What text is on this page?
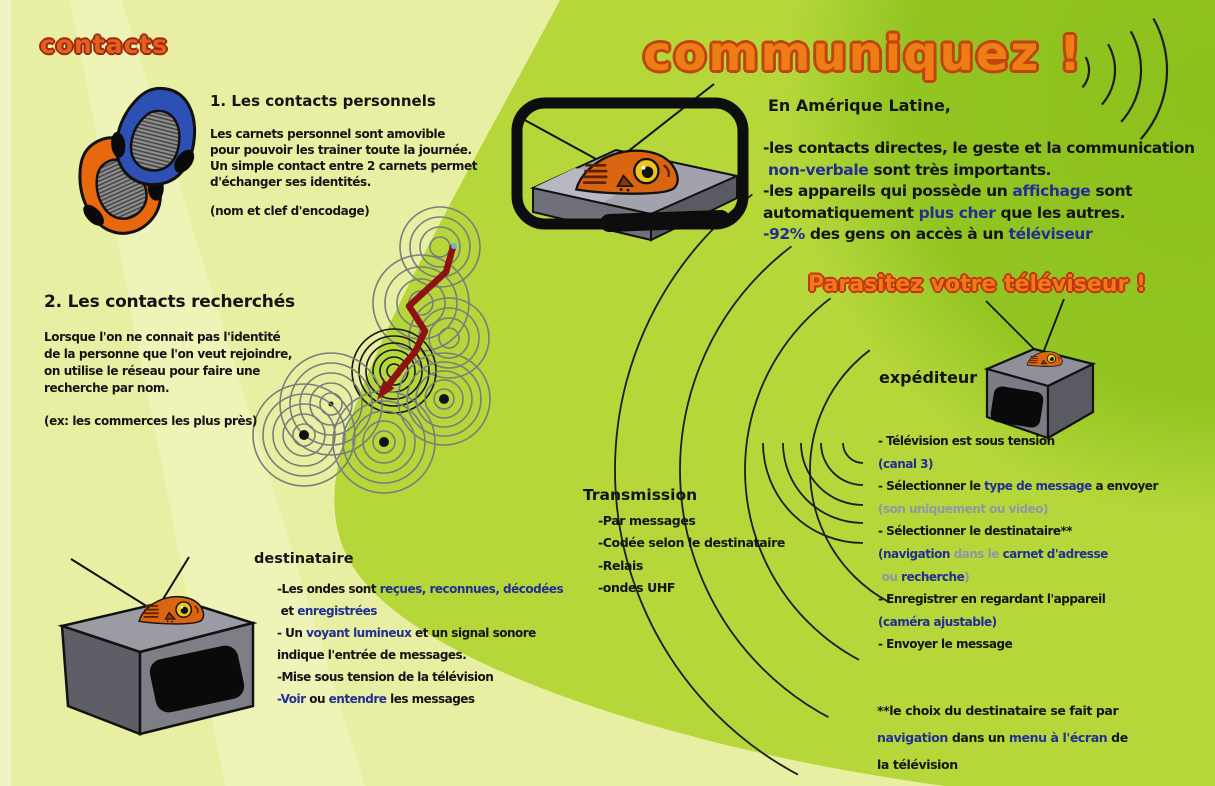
contacts	communiquez !
1. Les contacts personnels
Les carnets personnel sont amovible
pour pouvoir les trainer toute la journée.
Un simple contact entre 2 carnets permet
d'échanger ses identités.
(nom et clef d'encodage)
2. Les contacts recherchés
Lorsque l'on ne connait pas l'identité
de la personne que l'on veut rejoindre,
on utilise le réseau pour faire une
recherche par nom.
(ex: les commerces les plus près)
En Amérique Latine,
-les contacts directes, le geste et la communication
non-verbale sont très importants.
-les appareils qui possède un affichage sont
automatiquement plus cher que les autres.
-92% des gens on accès à un téléviseur
Parasitez votre téléviseur !
expéditeur
- Télévision est sous tension
(canal 3)
- Sélectionner le type de message a envoyer
(son uniquement ou video)
- Sélectionner le destinataire**
(navigation dans le carnet d'adresse
ou recherche)
- Enregistrer en regardant l'appareil
(caméra ajustable)
- Envoyer le message
Transmission
-Par messages
-Codée selon le destinataire
-Relais
-ondes UHF
destinataire
-Les ondes sont reçues, reconnues, décodées
et enregistrées
- Un voyant lumineux et un signal sonore
indique l'entrée de messages.
-Mise sous tension de la télévision
-Voir ou entendre les messages
**le choix du destinataire se fait par
navigation dans un menu à l'écran de
la télévision
